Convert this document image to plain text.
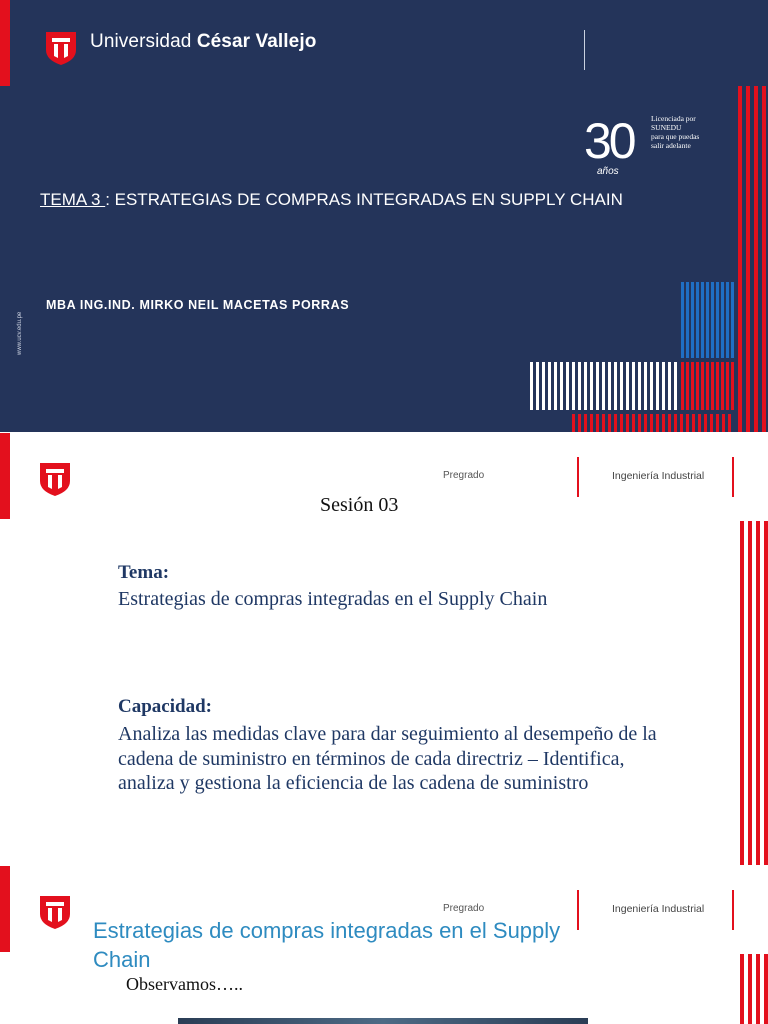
Universidad César Vallejo
30
años
Licenciada por
SUNEDU
para que puedas
salir adelante
TEMA 3 : ESTRATEGIAS DE COMPRAS INTEGRADAS EN SUPPLY CHAIN
MBA ING.IND. MIRKO NEIL MACETAS PORRAS
www.ucv.edu.pe
Pregrado	Ingeniería Industrial
Sesión 03
Tema:
Estrategias de compras integradas en el Supply Chain
Capacidad:
Analiza las medidas clave para dar seguimiento al desempeño de la cadena de suministro en términos de cada directriz – Identifica, analiza y gestiona la eficiencia de las cadena de suministro
Pregrado	Ingeniería Industrial
Estrategias de compras integradas en el Supply Chain
Observamos…..
